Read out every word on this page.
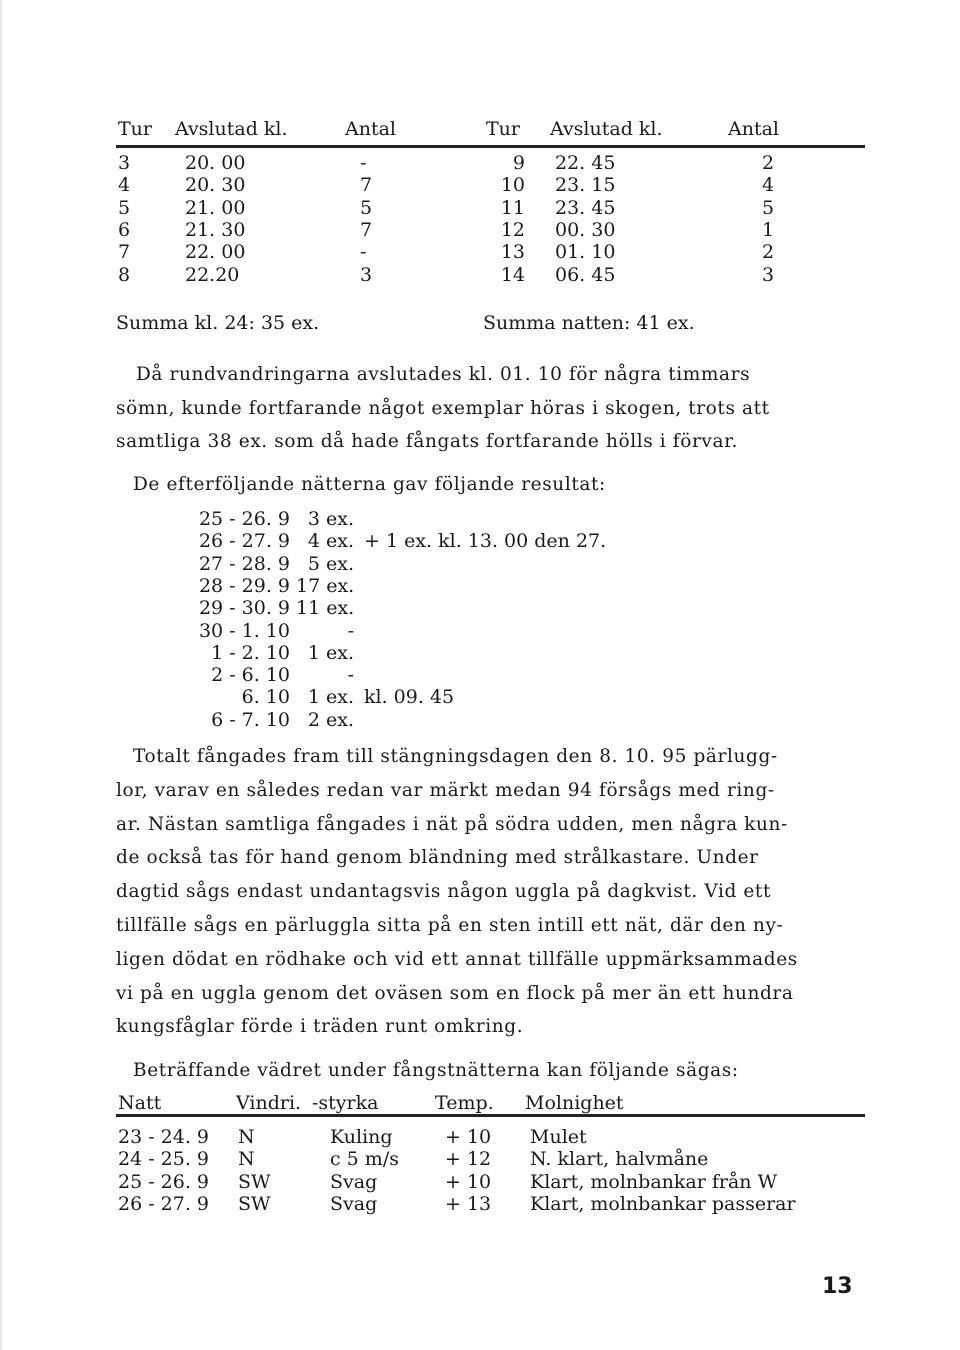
Tur Avslutad kl.	Antal	Tur Avslutad kl.	Antal
3	20. 00	-	9 22. 45	2
4	20. 30	7	10 23. 15	4
5	21. 00	5	11 23. 45	5
6	21. 30	7	12 00. 30	1
7	22. 00	-	13 01. 10	2
8	22.20	3	14 06. 45	3
Summa kl. 24: 35 ex.	Summa natten: 41 ex.
Då rundvandringarna avslutades kl. 01. 10 för några timmars
sömn, kunde fortfarande något exemplar höras i skogen, trots att
samtliga 38 ex. som då hade fångats fortfarande hölls i förvar.
De efterföljande nätterna gav följande resultat:
25 - 26. 9 3 ex.
26 - 27. 9 4 ex. + 1 ex. kl. 13. 00 den 27.
27 - 28. 9 5 ex.
28 - 29. 9 17 ex.
29 - 30. 9 11 ex.
30 - 1. 10	-
1 - 2. 10 1 ex.
2 - 6. 10	-
6. 10 1 ex. kl. 09. 45
6 - 7. 10 2 ex.
Totalt fångades fram till stängningsdagen den 8. 10. 95 pärlugg-
lor, varav en således redan var märkt medan 94 försågs med ring-
ar. Nästan samtliga fångades i nät på södra udden, men några kun-
de också tas för hand genom bländning med strålkastare. Under
dagtid sågs endast undantagsvis någon uggla på dagkvist. Vid ett
tillfälle sågs en pärluggla sitta på en sten intill ett nät, där den ny-
ligen dödat en rödhake och vid ett annat tillfälle uppmärksammades
vi på en uggla genom det oväsen som en flock på mer än ett hundra
kungsfåglar förde i träden runt omkring.
Beträffande vädret under fångstnätterna kan följande sägas:
Natt	Vindri. -styrka	Temp. Molnighet
23 - 24. 9 N	Kuling	+ 10 Mulet
24 - 25. 9 N	c 5 m/s + 12 N. klart, halvmåne
25 - 26. 9 SW	Svag	+ 10 Klart, molnbankar från W
26 - 27. 9 SW	Svag	+ 13 Klart, molnbankar passerar
13
